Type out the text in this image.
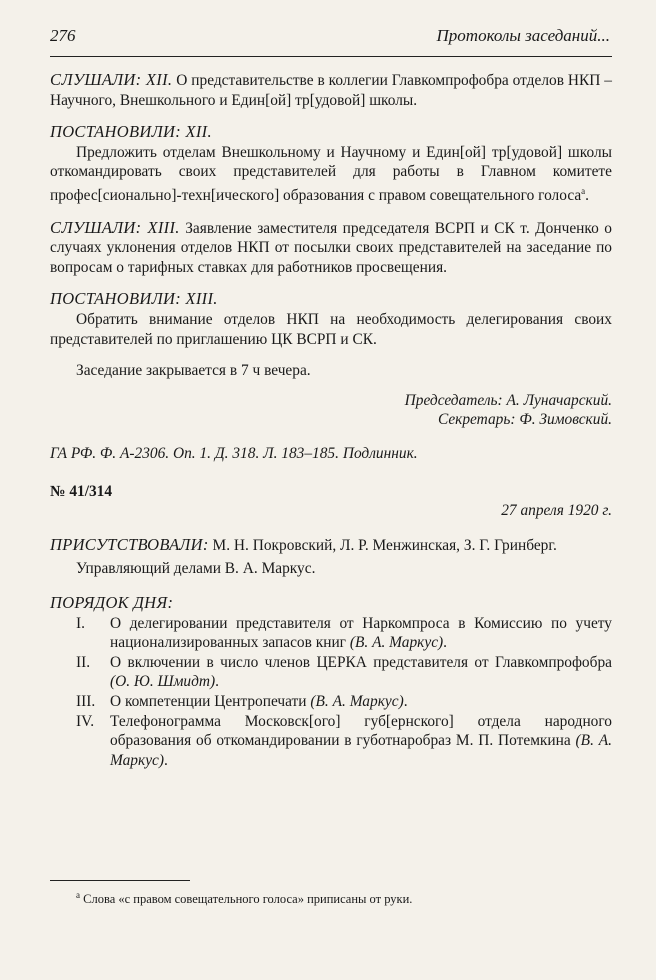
276	Протоколы заседаний...

СЛУШАЛИ: XII. О представительстве в коллегии Главкомпрофобра отделов НКП – Научного, Внешкольного и Един[ой] тр[удовой] школы.

ПОСТАНОВИЛИ: XII.

Предложить отделам Внешкольному и Научному и Един[ой] тр[удовой] школы откомандировать своих представителей для работы в Главном комитете профес[сионально]-техн[ического] образования с правом совещательного голоса$^a$.

СЛУШАЛИ: XIII. Заявление заместителя председателя ВСРП и СК т. Донченко о случаях уклонения отделов НКП от посылки своих представителей на заседание по вопросам о тарифных ставках для работников просвещения.

ПОСТАНОВИЛИ: XIII.

Обратить внимание отделов НКП на необходимость делегирования своих представителей по приглашению ЦК ВСРП и СК.

Заседание закрывается в 7 ч вечера.

Председатель: А. Луначарский.

Секретарь: Ф. Зимовский.

ГА РФ. Ф. А-2306. Оп. 1. Д. 318. Л. 183–185. Подлинник.

№ 41/314

27 апреля 1920 г.

ПРИСУТСТВОВАЛИ: М. Н. Покровский, Л. Р. Менжинская, З. Г. Гринберг.

Управляющий делами В. А. Маркус.

ПОРЯДОК ДНЯ:

I.	О делегировании представителя от Наркомпроса в Комиссию по учету национализированных запасов книг (В. А. Маркус).
II.	О включении в число членов ЦЕРКА представителя от Главкомпрофобра (О. Ю. Шмидт).
III. О компетенции Центропечати (В. А. Маркус).
IV.	Телефонограмма Московск[ого] губ[ернского] отдела народного образования об откомандировании в губотнаробраз М. П. Потемкина (В. А. Маркус).
$^a$ Слова «с правом совещательного голоса» приписаны от руки.
